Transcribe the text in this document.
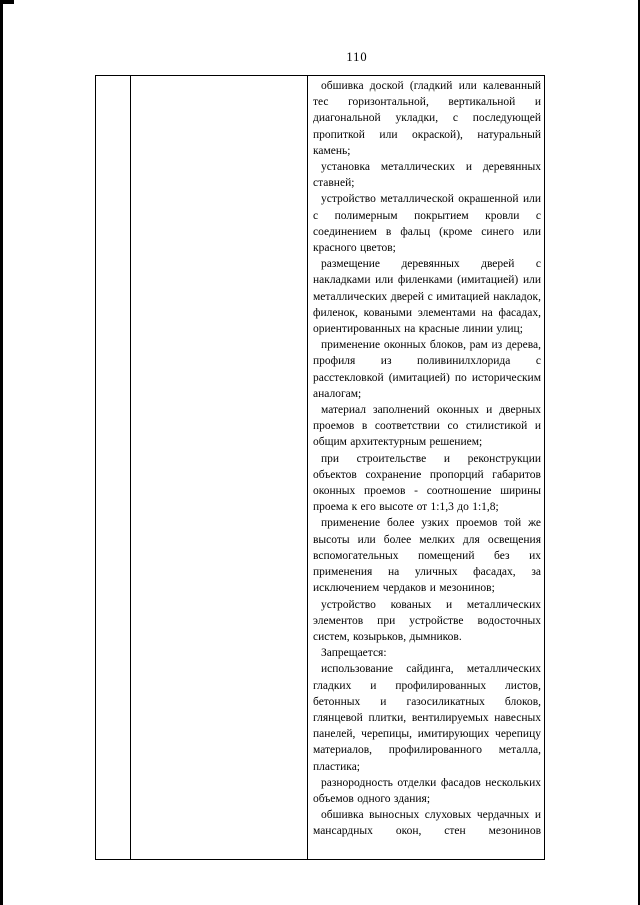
110

обшивка доской (гладкий или калеванный тес горизонтальной, вертикальной и диагональной укладки, с последующей пропиткой или окраской), натуральный камень;

установка металлических и деревянных ставней;

устройство металлической окрашенной или с полимерным покрытием кровли с соединением в фальц (кроме синего или красного цветов;

размещение деревянных дверей с накладками или филенками (имитацией) или металлических дверей с имитацией накладок, филенок, коваными элементами на фасадах, ориентированных на красные линии улиц;

применение оконных блоков, рам из дерева, профиля из поливинилхлорида с расстекловкой (имитацией) по историческим аналогам;

материал заполнений оконных и дверных проемов в соответствии со стилистикой и общим архитектурным решением;

при строительстве и реконструкции объектов сохранение пропорций габаритов оконных проемов - соотношение ширины проема к его высоте от 1:1,3 до 1:1,8;

применение более узких проемов той же высоты или более мелких для освещения вспомогательных помещений без их применения на уличных фасадах, за исключением чердаков и мезонинов;

устройство кованых и металлических элементов при устройстве водосточных систем, козырьков, дымников.

Запрещается:

использование сайдинга, металлических гладких и профилированных листов, бетонных и газосиликатных блоков, глянцевой плитки, вентилируемых навесных панелей, черепицы, имитирующих черепицу материалов, профилированного металла, пластика;

разнородность отделки фасадов нескольких объемов одного здания;

обшивка выносных слуховых чердачных и мансардных окон, стен мезонинов
